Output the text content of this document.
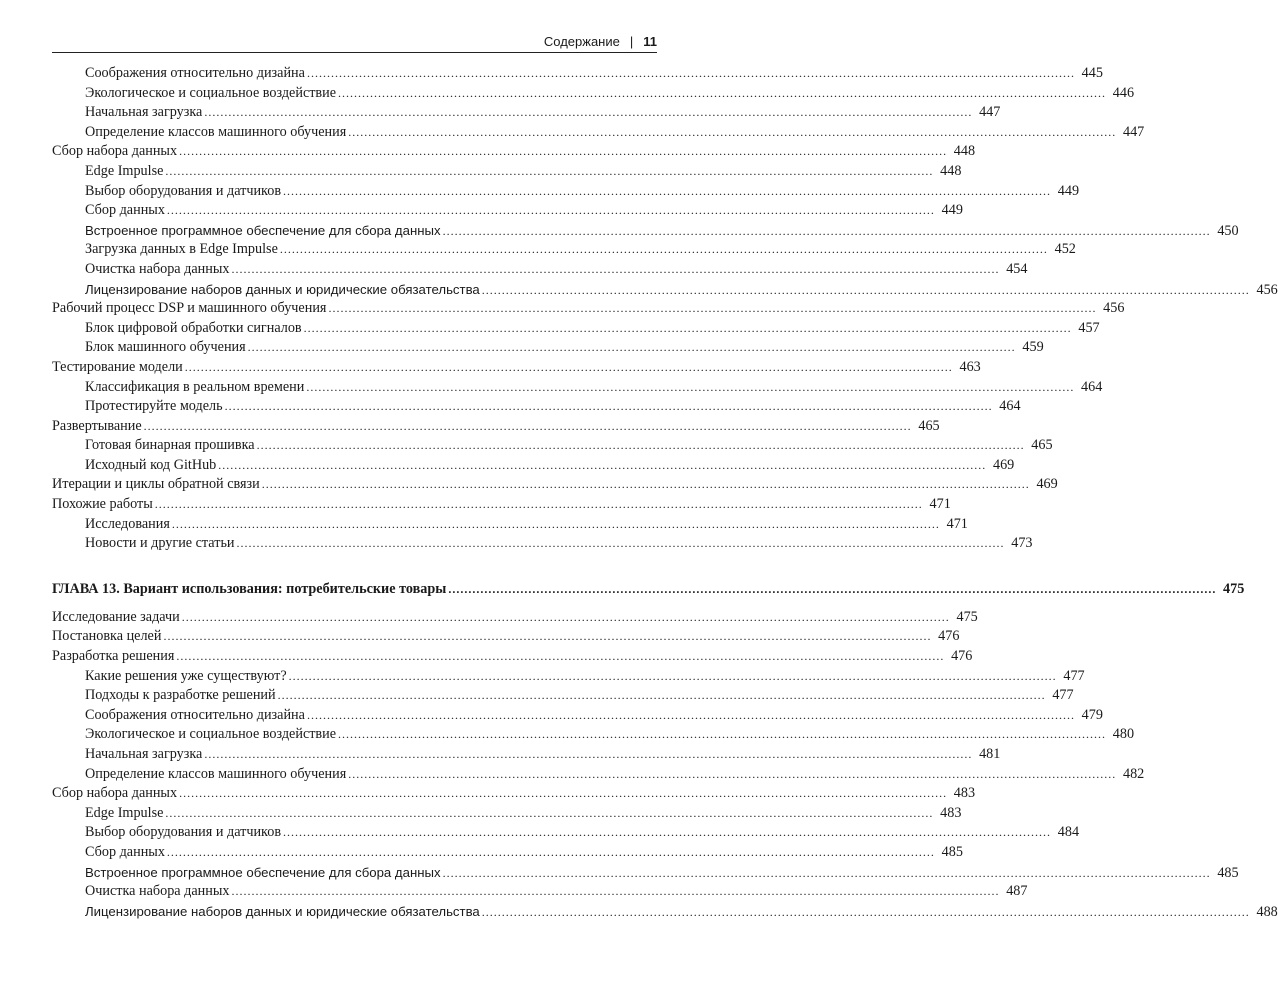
Содержание | 11
Соображения относительно дизайна .....	445
Экологическое и социальное воздействие .....	446
Начальная загрузка .....	447
Определение классов машинного обучения .....	447
Сбор набора данных .....	448
Edge Impulse .....	448
Выбор оборудования и датчиков .....	449
Сбор данных .....	449
Встроенное программное обеспечение для сбора данных .....	450
Загрузка данных в Edge Impulse .....	452
Очистка набора данных .....	454
Лицензирование наборов данных и юридические обязательства .....	456
Рабочий процесс DSP и машинного обучения .....	456
Блок цифровой обработки сигналов .....	457
Блок машинного обучения .....	459
Тестирование модели .....	463
Классификация в реальном времени .....	464
Протестируйте модель .....	464
Развертывание .....	465
Готовая бинарная прошивка .....	465
Исходный код GitHub .....	469
Итерации и циклы обратной связи .....	469
Похожие работы .....	471
Исследования .....	471
Новости и другие статьи .....	473
ГЛАВА 13. Вариант использования: потребительские товары .....	475
Исследование задачи .....	475
Постановка целей .....	476
Разработка решения .....	476
Какие решения уже существуют? .....	477
Подходы к разработке решений .....	477
Соображения относительно дизайна .....	479
Экологическое и социальное воздействие .....	480
Начальная загрузка .....	481
Определение классов машинного обучения .....	482
Сбор набора данных .....	483
Edge Impulse .....	483
Выбор оборудования и датчиков .....	484
Сбор данных .....	485
Встроенное программное обеспечение для сбора данных .....	485
Очистка набора данных .....	487
Лицензирование наборов данных и юридические обязательства .....	488
